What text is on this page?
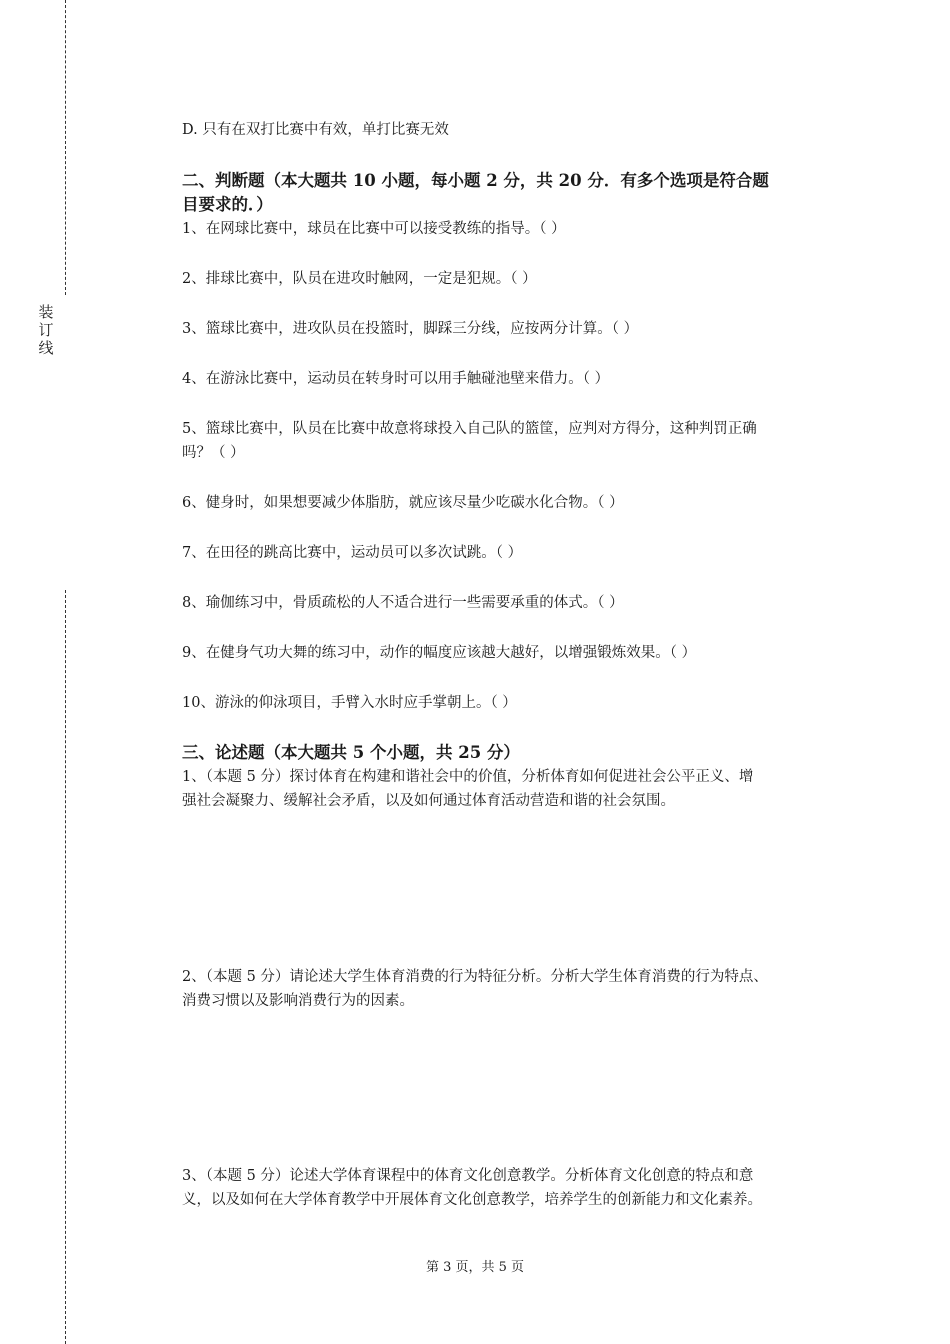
装
订
线
D. 只有在双打比赛中有效，单打比赛无效
二、判断题（本大题共 10 小题，每小题 2 分，共 20 分．有多个选项是符合题
目要求的．）
1、在网球比赛中，球员在比赛中可以接受教练的指导。（ ）
2、排球比赛中，队员在进攻时触网，一定是犯规。（ ）
3、篮球比赛中，进攻队员在投篮时，脚踩三分线，应按两分计算。（ ）
4、在游泳比赛中，运动员在转身时可以用手触碰池壁来借力。（ ）
5、篮球比赛中，队员在比赛中故意将球投入自己队的篮筐，应判对方得分，这种判罚正确
吗？（ ）
6、健身时，如果想要减少体脂肪，就应该尽量少吃碳水化合物。（ ）
7、在田径的跳高比赛中，运动员可以多次试跳。（ ）
8、瑜伽练习中，骨质疏松的人不适合进行一些需要承重的体式。（ ）
9、在健身气功大舞的练习中，动作的幅度应该越大越好，以增强锻炼效果。（ ）
10、游泳的仰泳项目，手臂入水时应手掌朝上。（ ）
三、论述题（本大题共 5 个小题，共 25 分）
1、（本题 5 分）探讨体育在构建和谐社会中的价值，分析体育如何促进社会公平正义、增
强社会凝聚力、缓解社会矛盾，以及如何通过体育活动营造和谐的社会氛围。
2、（本题 5 分）请论述大学生体育消费的行为特征分析。分析大学生体育消费的行为特点、
消费习惯以及影响消费行为的因素。
3、（本题 5 分）论述大学体育课程中的体育文化创意教学。分析体育文化创意的特点和意
义，以及如何在大学体育教学中开展体育文化创意教学，培养学生的创新能力和文化素养。
第 3 页，共 5 页
